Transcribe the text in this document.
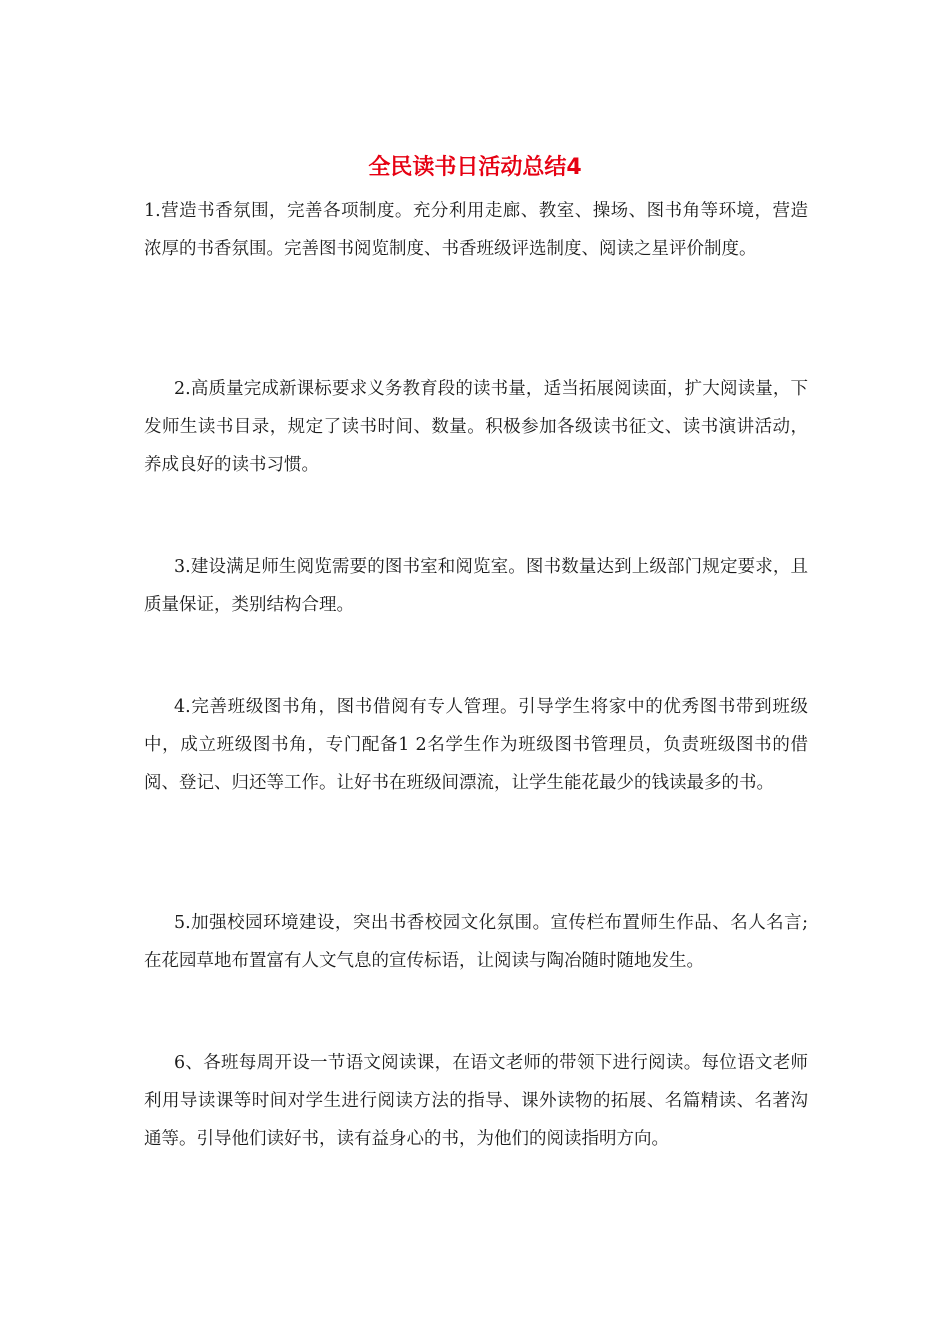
全民读书日活动总结4

1.营造书香氛围，完善各项制度。充分利用走廊、教室、操场、图书角等环境，营造浓厚的书香氛围。完善图书阅览制度、书香班级评选制度、阅读之星评价制度。

2.高质量完成新课标要求义务教育段的读书量，适当拓展阅读面，扩大阅读量，下发师生读书目录，规定了读书时间、数量。积极参加各级读书征文、读书演讲活动，养成良好的读书习惯。

3.建设满足师生阅览需要的图书室和阅览室。图书数量达到上级部门规定要求，且质量保证，类别结构合理。

4.完善班级图书角，图书借阅有专人管理。引导学生将家中的优秀图书带到班级中，成立班级图书角，专门配备1 2名学生作为班级图书管理员，负责班级图书的借阅、登记、归还等工作。让好书在班级间漂流，让学生能花最少的钱读最多的书。

5.加强校园环境建设，突出书香校园文化氛围。宣传栏布置师生作品、名人名言;在花园草地布置富有人文气息的宣传标语，让阅读与陶冶随时随地发生。

6、各班每周开设一节语文阅读课，在语文老师的带领下进行阅读。每位语文老师利用导读课等时间对学生进行阅读方法的指导、课外读物的拓展、名篇精读、名著沟通等。引导他们读好书，读有益身心的书，为他们的阅读指明方向。
